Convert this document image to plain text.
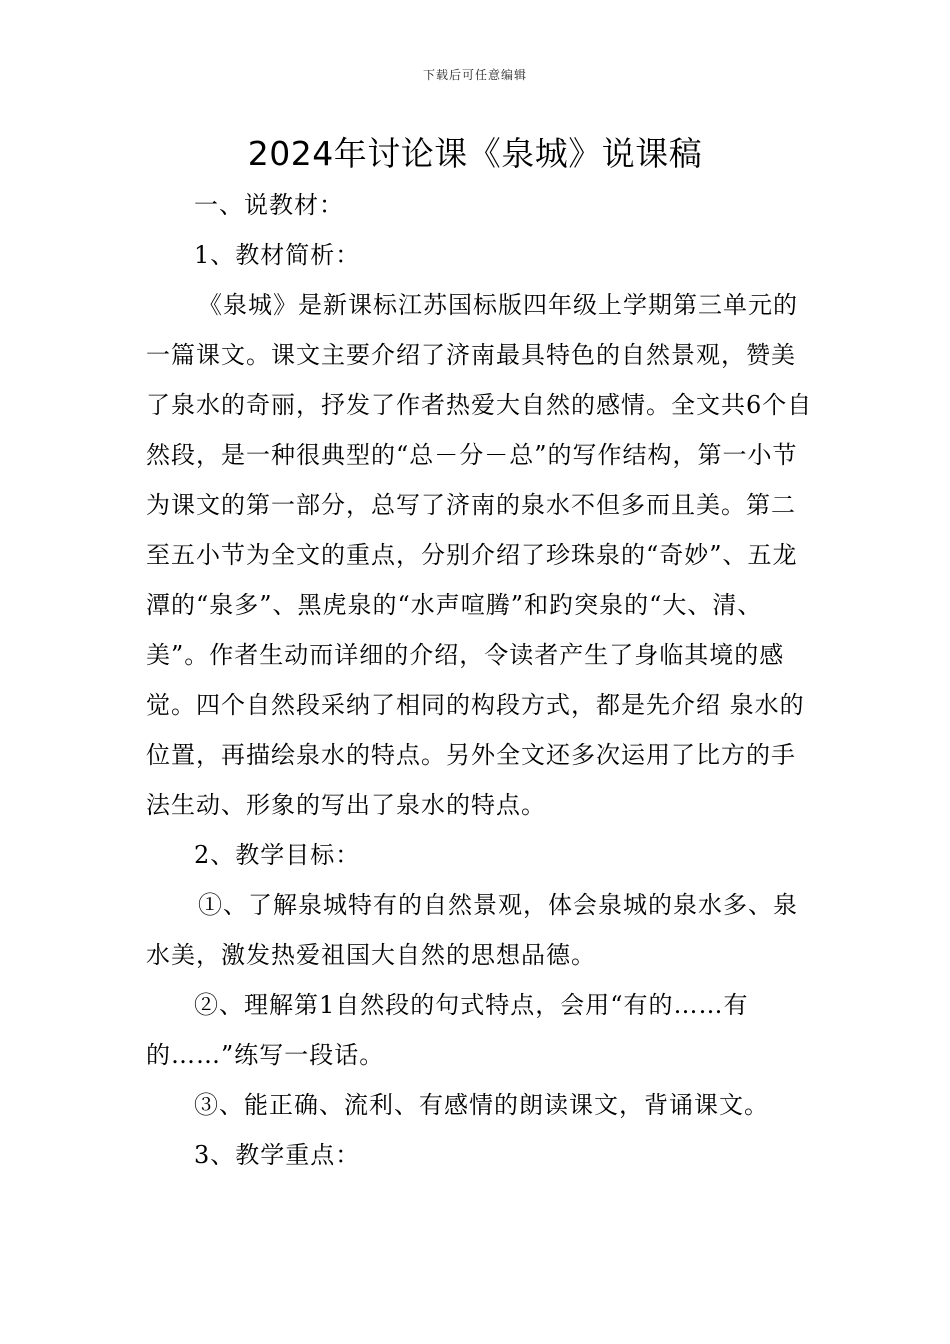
下载后可任意编辑
2024年讨论课《泉城》说课稿

一、说教材：

1、教材简析：

《泉城》是新课标江苏国标版四年级上学期第三单元的一篇课文。课文主要介绍了济南最具特色的自然景观，赞美了泉水的奇丽，抒发了作者热爱大自然的感情。全文共6个自然段，是一种很典型的“总－分－总”的写作结构，第一小节为课文的第一部分，总写了济南的泉水不但多而且美。第二至五小节为全文的重点，分别介绍了珍珠泉的“奇妙”、五龙潭的“泉多”、黑虎泉的“水声喧腾”和趵突泉的“大、清、美”。作者生动而详细的介绍，令读者产生了身临其境的感觉。四个自然段采纳了相同的构段方式，都是先介绍 泉水的位置，再描绘泉水的特点。另外全文还多次运用了比方的手法生动、形象的写出了泉水的特点。

2、教学目标：

①、了解泉城特有的自然景观，体会泉城的泉水多、泉水美，激发热爱祖国大自然的思想品德。

②、理解第1自然段的句式特点，会用“有的……有的……”练写一段话。

③、能正确、流利、有感情的朗读课文，背诵课文。

3、教学重点：
